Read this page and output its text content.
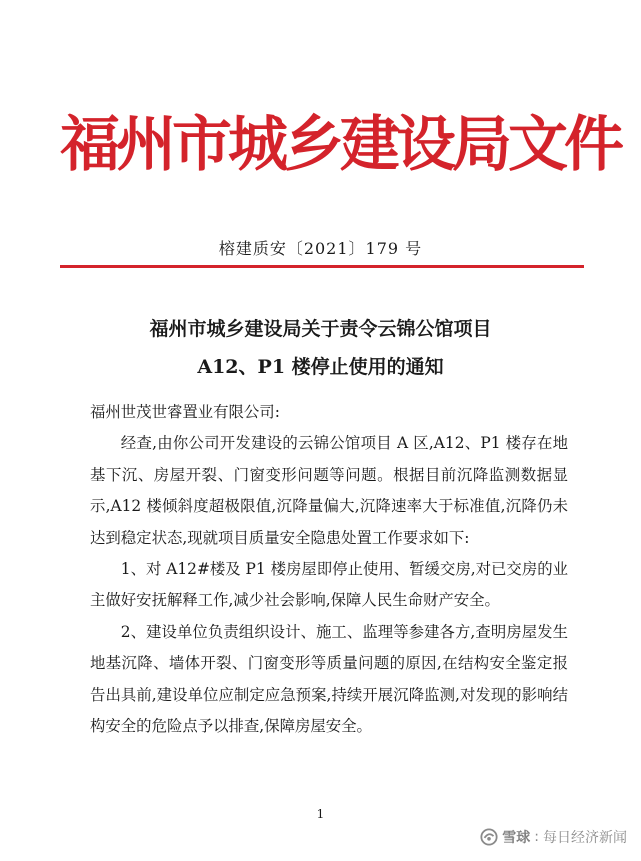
福州市城乡建设局文件
榕建质安〔2021〕179 号
福州市城乡建设局关于责令云锦公馆项目
A12、P1 楼停止使用的通知
福州世茂世睿置业有限公司:

经查,由你公司开发建设的云锦公馆项目 A 区,A12、P1 楼存在地基下沉、房屋开裂、门窗变形问题等问题。根据目前沉降监测数据显示,A12 楼倾斜度超极限值,沉降量偏大,沉降速率大于标准值,沉降仍未达到稳定状态,现就项目质量安全隐患处置工作要求如下:

1、对 A12#楼及 P1 楼房屋即停止使用、暂缓交房,对已交房的业主做好安抚解释工作,减少社会影响,保障人民生命财产安全。

2、建设单位负责组织设计、施工、监理等参建各方,查明房屋发生地基沉降、墙体开裂、门窗变形等质量问题的原因,在结构安全鉴定报告出具前,建设单位应制定应急预案,持续开展沉降监测,对发现的影响结构安全的危险点予以排查,保障房屋安全。

1
雪球 : 每日经济新闻
